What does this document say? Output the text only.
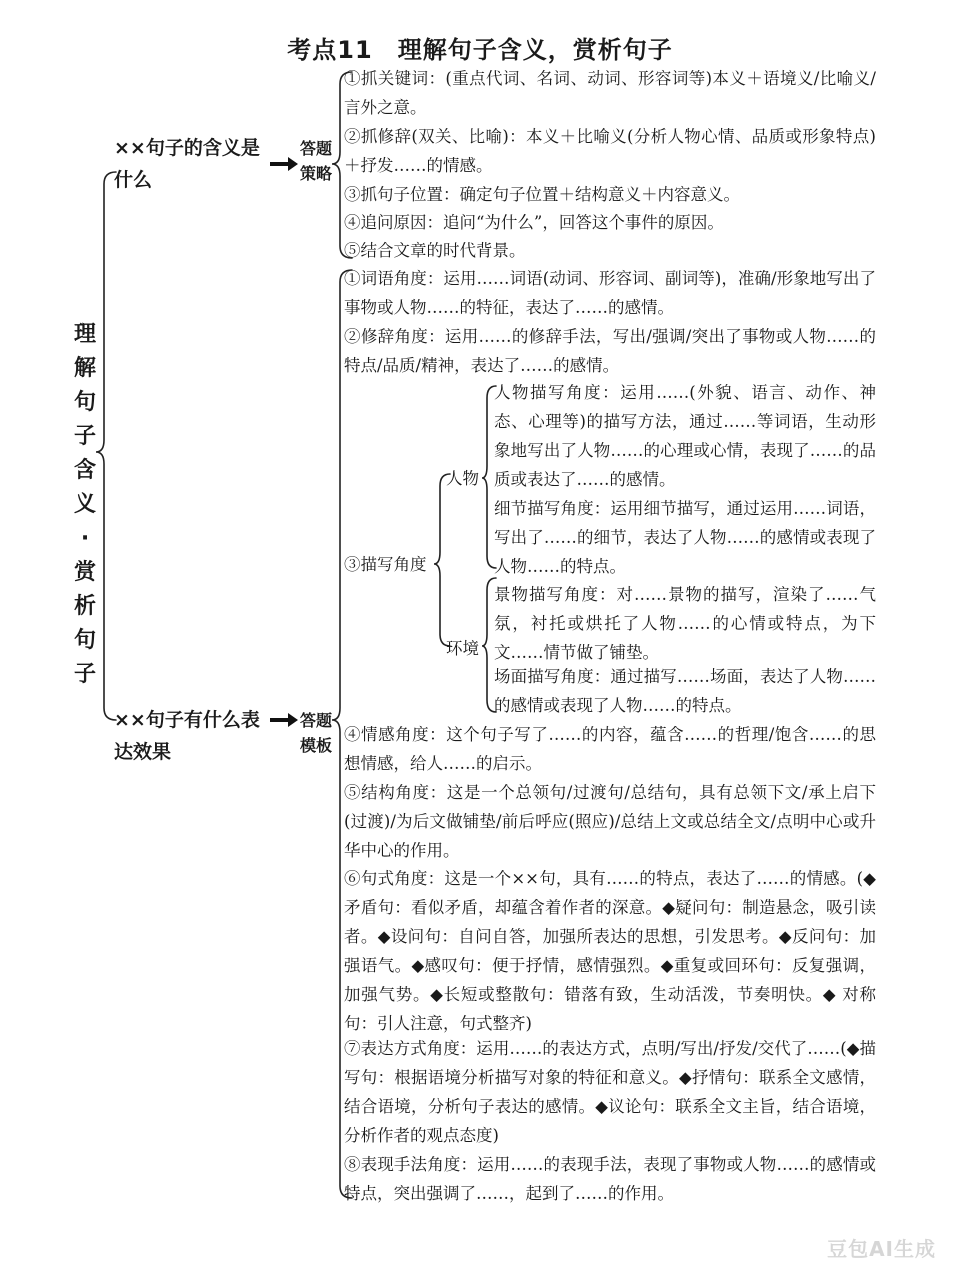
考点11　理解句子含义，赏析句子
理解句子含义·赏析句子
××句子的含义是
什么
答题
策略
××句子有什么表
达效果
答题
模板
①抓关键词：(重点代词、名词、动词、形容词等)本义＋语境义/比喻义/言外之意。
②抓修辞(双关、比喻)：本义＋比喻义(分析人物心情、品质或形象特点)＋抒发……的情感。
③抓句子位置：确定句子位置＋结构意义＋内容意义。
④追问原因：追问“为什么”，回答这个事件的原因。
⑤结合文章的时代背景。
①词语角度：运用……词语(动词、形容词、副词等)，准确/形象地写出了事物或人物……的特征，表达了……的感情。
②修辞角度：运用……的修辞手法，写出/强调/突出了事物或人物……的特点/品质/精神，表达了……的感情。
③描写角度
人物
环境
人物描写角度：运用……(外貌、语言、动作、神态、心理等)的描写方法，通过……等词语，生动形象地写出了人物……的心理或心情，表现了……的品质或表达了……的感情。
细节描写角度：运用细节描写，通过运用……词语，写出了……的细节，表达了人物……的感情或表现了人物……的特点。
景物描写角度：对……景物的描写，渲染了……气氛，衬托或烘托了人物……的心情或特点，为下文……情节做了铺垫。
场面描写角度：通过描写……场面，表达了人物……的感情或表现了人物……的特点。
④情感角度：这个句子写了……的内容，蕴含……的哲理/饱含……的思想情感，给人……的启示。
⑤结构角度：这是一个总领句/过渡句/总结句，具有总领下文/承上启下(过渡)/为后文做铺垫/前后呼应(照应)/总结上文或总结全文/点明中心或升华中心的作用。
⑥句式角度：这是一个××句，具有……的特点，表达了……的情感。(◆矛盾句：看似矛盾，却蕴含着作者的深意。◆疑问句：制造悬念，吸引读者。◆设问句：自问自答，加强所表达的思想，引发思考。◆反问句：加强语气。◆感叹句：便于抒情，感情强烈。◆重复或回环句：反复强调，加强气势。◆长短或整散句：错落有致，生动活泼，节奏明快。◆ 对称句：引人注意，句式整齐)
⑦表达方式角度：运用……的表达方式，点明/写出/抒发/交代了……(◆描写句：根据语境分析描写对象的特征和意义。◆抒情句：联系全文感情，结合语境，分析句子表达的感情。◆议论句：联系全文主旨，结合语境，分析作者的观点态度)
⑧表现手法角度：运用……的表现手法，表现了事物或人物……的感情或特点，突出强调了……，起到了……的作用。
豆包AI生成
